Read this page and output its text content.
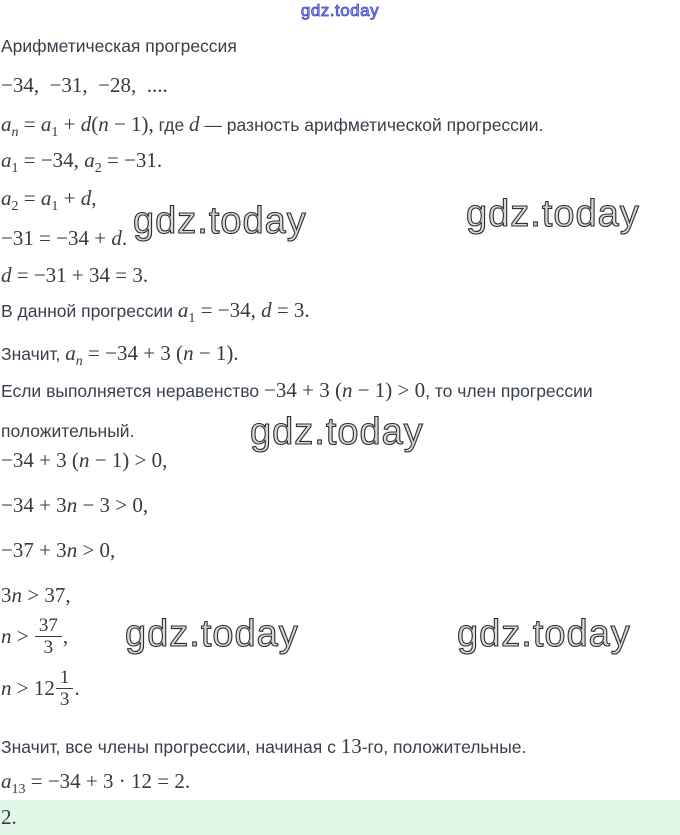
gdz.today
gdz.today	gdz.today
gdz.today
gdz.today	gdz.today
Арифметическая прогрессия
−34,  −31,  −28,  ....
an = a1 + d(n − 1), где d — разность арифметической прогрессии.
a1 = −34, a2 = −31.
a2 = a1 + d,
−31 = −34 + d.
d = −31 + 34 = 3.
В данной прогрессии a1 = −34, d = 3.
Значит, an = −34 + 3 (n − 1).
Если выполняется неравенство −34 + 3 (n − 1) > 0, то член прогрессии
положительный.
−34 + 3 (n − 1) > 0,
−34 + 3n − 3 > 0,
−37 + 3n > 0,
3n > 37,
$n > \frac{37}{3}$ ,
$n > 12 \frac{1}{3}$ .
Значит, все члены прогрессии, начиная с 13-го, положительные.
a13 = −34 + 3 · 12 = 2.
2.
